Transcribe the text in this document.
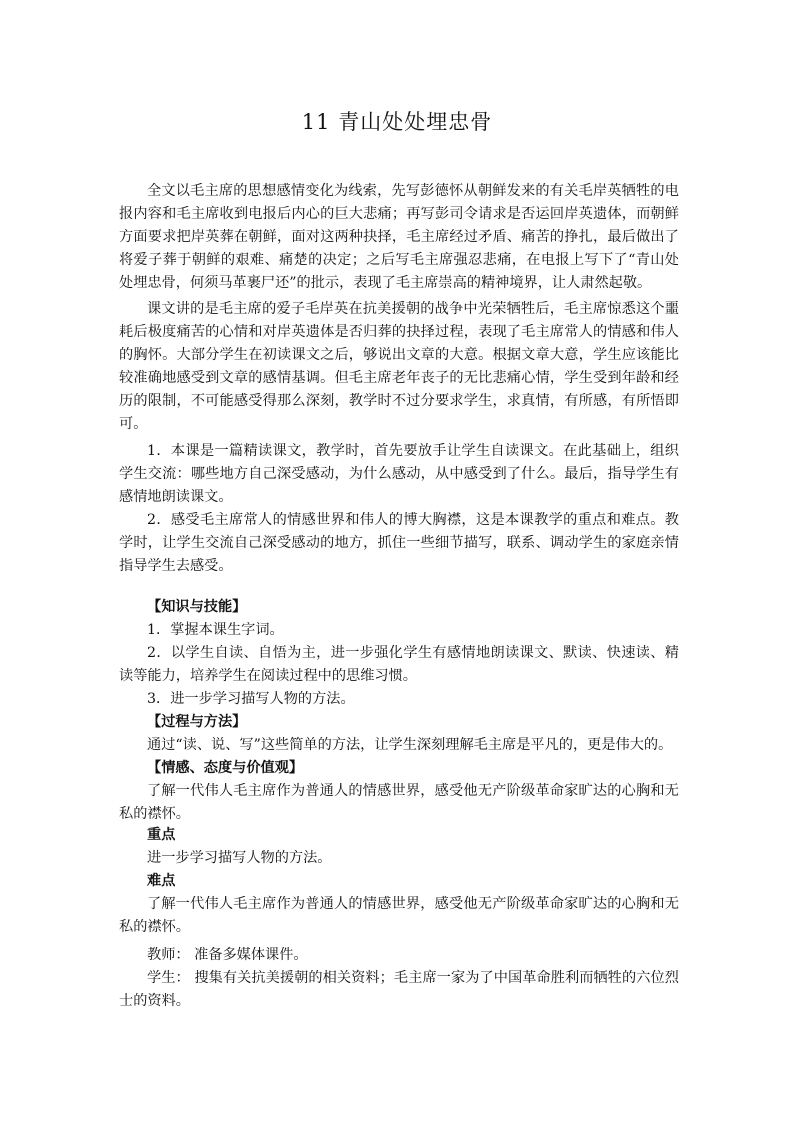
11 青山处处埋忠骨

全文以毛主席的思想感情变化为线索，先写彭德怀从朝鲜发来的有关毛岸英牺牲的电报内容和毛主席收到电报后内心的巨大悲痛；再写彭司令请求是否运回岸英遗体，而朝鲜方面要求把岸英葬在朝鲜，面对这两种抉择，毛主席经过矛盾、痛苦的挣扎，最后做出了将爱子葬于朝鲜的艰难、痛楚的决定；之后写毛主席强忍悲痛，在电报上写下了“青山处处埋忠骨，何须马革裹尸还”的批示，表现了毛主席崇高的精神境界，让人肃然起敬。

课文讲的是毛主席的爱子毛岸英在抗美援朝的战争中光荣牺牲后，毛主席惊悉这个噩耗后极度痛苦的心情和对岸英遗体是否归葬的抉择过程，表现了毛主席常人的情感和伟人的胸怀。大部分学生在初读课文之后，够说出文章的大意。根据文章大意，学生应该能比较准确地感受到文章的感情基调。但毛主席老年丧子的无比悲痛心情，学生受到年龄和经历的限制，不可能感受得那么深刻，教学时不过分要求学生，求真情，有所感，有所悟即可。

1．本课是一篇精读课文，教学时，首先要放手让学生自读课文。在此基础上，组织学生交流：哪些地方自己深受感动，为什么感动，从中感受到了什么。最后，指导学生有感情地朗读课文。

2．感受毛主席常人的情感世界和伟人的博大胸襟，这是本课教学的重点和难点。教学时，让学生交流自己深受感动的地方，抓住一些细节描写，联系、调动学生的家庭亲情指导学生去感受。

【知识与技能】

1．掌握本课生字词。

2．以学生自读、自悟为主，进一步强化学生有感情地朗读课文、默读、快速读、精读等能力，培养学生在阅读过程中的思维习惯。

3．进一步学习描写人物的方法。

【过程与方法】

通过“读、说、写”这些简单的方法，让学生深刻理解毛主席是平凡的，更是伟大的。

【情感、态度与价值观】

了解一代伟人毛主席作为普通人的情感世界，感受他无产阶级革命家旷达的心胸和无私的襟怀。

重点

进一步学习描写人物的方法。

难点

了解一代伟人毛主席作为普通人的情感世界，感受他无产阶级革命家旷达的心胸和无私的襟怀。

教师： 准备多媒体课件。

学生： 搜集有关抗美援朝的相关资料；毛主席一家为了中国革命胜利而牺牲的六位烈士的资料。
